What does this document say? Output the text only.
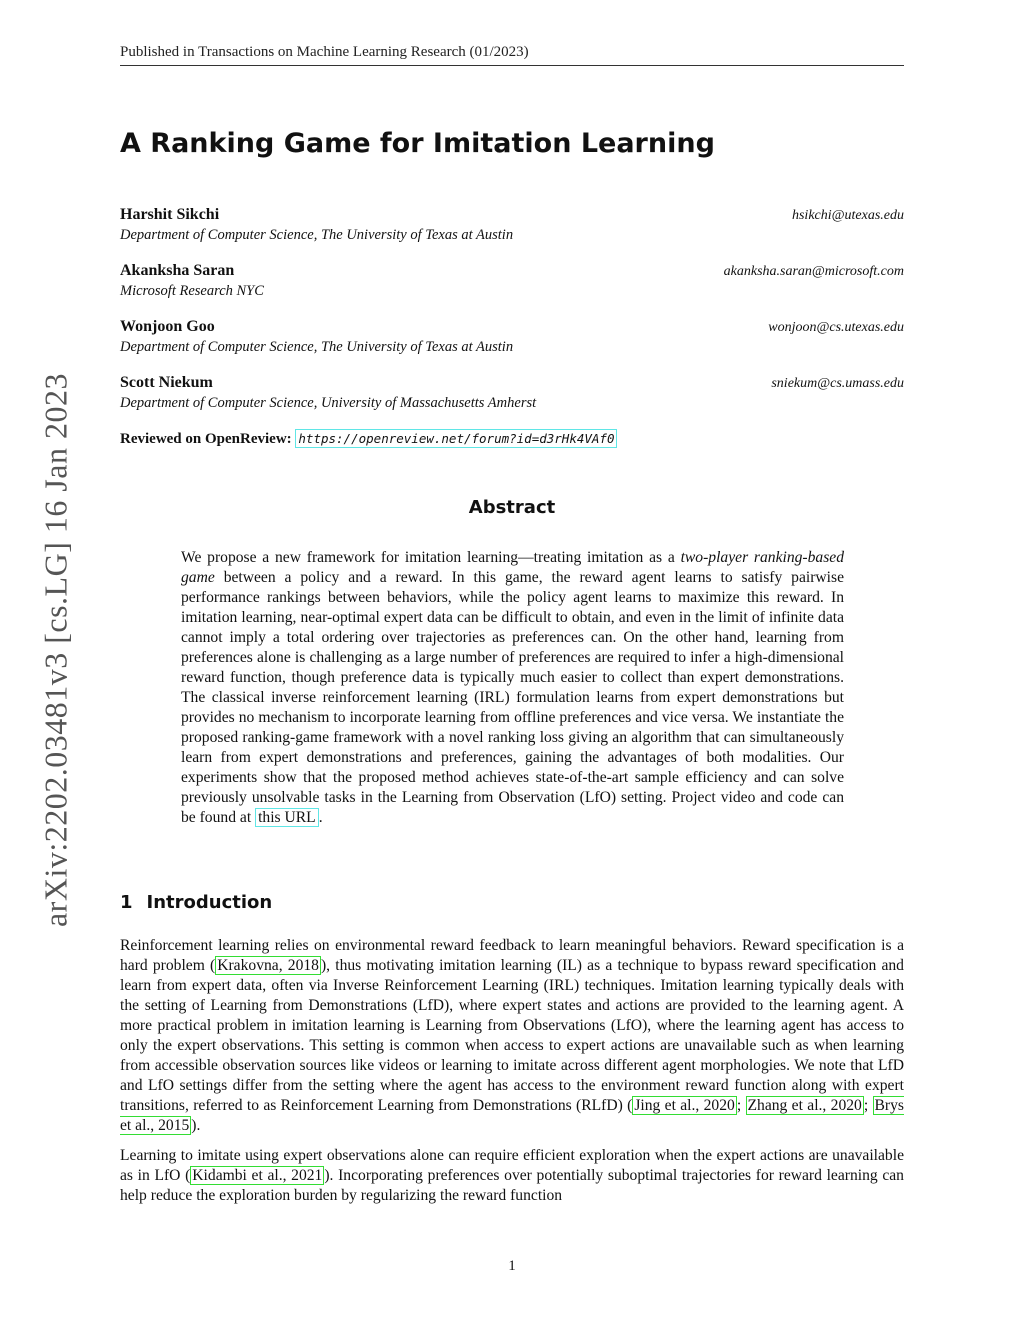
Published in Transactions on Machine Learning Research (01/2023)
arXiv:2202.03481v3 [cs.LG] 16 Jan 2023
A Ranking Game for Imitation Learning
Harshit Sikchi	hsikchi@utexas.edu
Department of Computer Science, The University of Texas at Austin
Akanksha Saran	akanksha.saran@microsoft.com
Microsoft Research NYC
Wonjoon Goo	wonjoon@cs.utexas.edu
Department of Computer Science, The University of Texas at Austin
Scott Niekum	sniekum@cs.umass.edu
Department of Computer Science, University of Massachusetts Amherst
Reviewed on OpenReview: https://openreview.net/forum?id=d3rHk4VAf0
Abstract
We propose a new framework for imitation learning—treating imitation as a two-player ranking-based game between a policy and a reward. In this game, the reward agent learns to satisfy pairwise performance rankings between behaviors, while the policy agent learns to maximize this reward. In imitation learning, near-optimal expert data can be difficult to obtain, and even in the limit of infinite data cannot imply a total ordering over trajectories as preferences can. On the other hand, learning from preferences alone is challenging as a large number of preferences are required to infer a high-dimensional reward function, though preference data is typically much easier to collect than expert demonstrations. The classical inverse reinforcement learning (IRL) formulation learns from expert demonstrations but provides no mechanism to incorporate learning from offline preferences and vice versa. We instantiate the proposed ranking-game framework with a novel ranking loss giving an algorithm that can simultaneously learn from expert demonstrations and preferences, gaining the advantages of both modalities. Our experiments show that the proposed method achieves state-of-the-art sample efficiency and can solve previously unsolvable tasks in the Learning from Observation (LfO) setting. Project video and code can be found at this URL .
1 Introduction

Reinforcement learning relies on environmental reward feedback to learn meaningful behaviors. Reward specification is a hard problem ( Krakovna, 2018 ), thus motivating imitation learning (IL) as a technique to bypass reward specification and learn from expert data, often via Inverse Reinforcement Learning (IRL) techniques. Imitation learning typically deals with the setting of Learning from Demonstrations (LfD), where expert states and actions are provided to the learning agent. A more practical problem in imitation learning is Learning from Observations (LfO), where the learning agent has access to only the expert observations. This setting is common when access to expert actions are unavailable such as when learning from accessible observation sources like videos or learning to imitate across different agent morphologies. We note that LfD and LfO settings differ from the setting where the agent has access to the environment reward function along with expert transitions, referred to as Reinforcement Learning from Demonstrations (RLfD) ( Jing et al., 2020 ; Zhang et al., 2020 ; Brys et al., 2015 ).

Learning to imitate using expert observations alone can require efficient exploration when the expert actions are unavailable as in LfO ( Kidambi et al., 2021 ). Incorporating preferences over potentially suboptimal trajectories for reward learning can help reduce the exploration burden by regularizing the reward function

1
